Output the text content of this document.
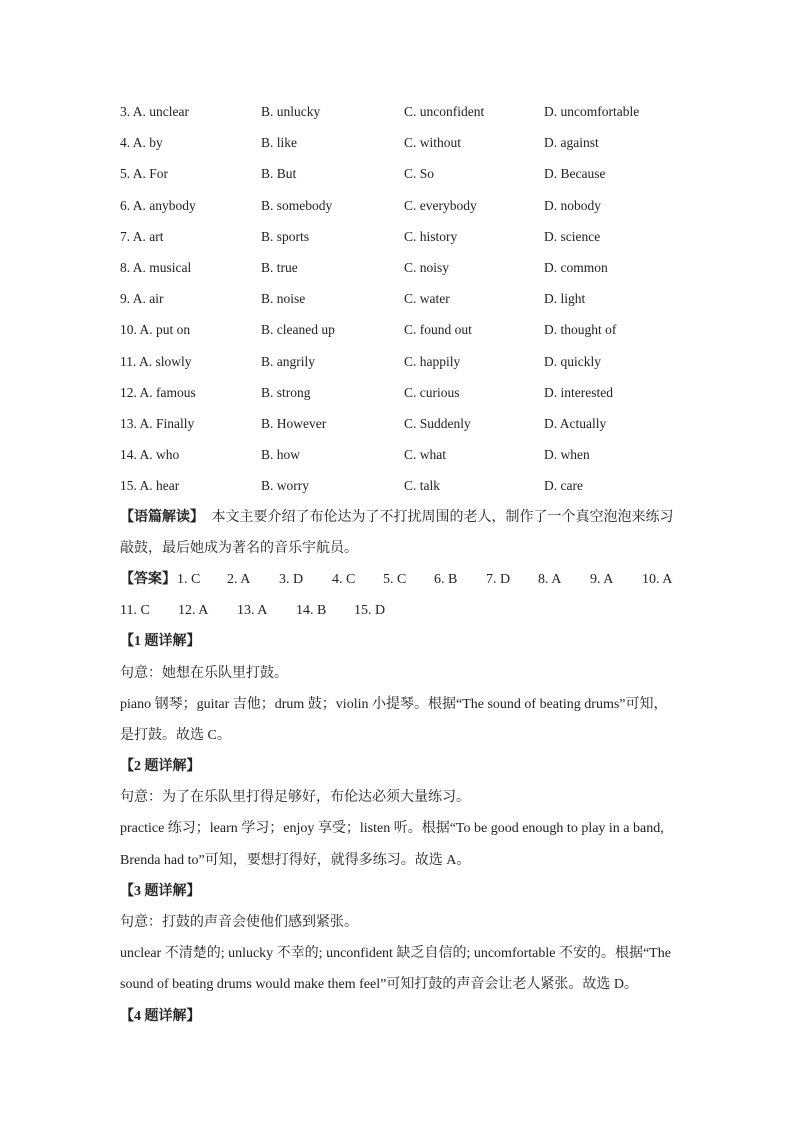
3. A. unclear	B. unlucky	C. unconfident	D. uncomfortable
4. A. by	B. like	C. without	D. against
5. A. For	B. But	C. So	D. Because
6. A. anybody	B. somebody	C. everybody	D. nobody
7. A. art	B. sports	C. history	D. science
8. A. musical	B. true	C. noisy	D. common
9. A. air	B. noise	C. water	D. light
10. A. put on	B. cleaned up	C. found out	D. thought of
11. A. slowly	B. angrily	C. happily	D. quickly
12. A. famous	B. strong	C. curious	D. interested
13. A. Finally	B. However	C. Suddenly	D. Actually
14. A. who	B. how	C. what	D. when
15. A. hear	B. worry	C. talk	D. care
【语篇解读】 本文主要介绍了布伦达为了不打扰周围的老人，制作了一个真空泡泡来练习
敲鼓，最后她成为著名的音乐宇航员。
【答案】 1. C 2. A 3. D 4. C 5. C 6. B 7. D 8. A 9. A 10. A
11. C 12. A 13. A 14. B 15. D
【1 题详解】
句意：她想在乐队里打鼓。
piano 钢琴；guitar 吉他；drum 鼓；violin 小提琴。根据“The sound of beating drums”可知，
是打鼓。故选 C。
【2 题详解】
句意：为了在乐队里打得足够好，布伦达必须大量练习。
practice 练习；learn 学习；enjoy 享受；listen 听。根据“To be good enough to play in a band,
Brenda had to”可知，要想打得好，就得多练习。故选 A。
【3 题详解】
句意：打鼓的声音会使他们感到紧张。
unclear 不清楚的; unlucky 不幸的; unconfident 缺乏自信的; uncomfortable 不安的。根据“The
sound of beating drums would make them feel”可知打鼓的声音会让老人紧张。故选 D。
【4 题详解】
